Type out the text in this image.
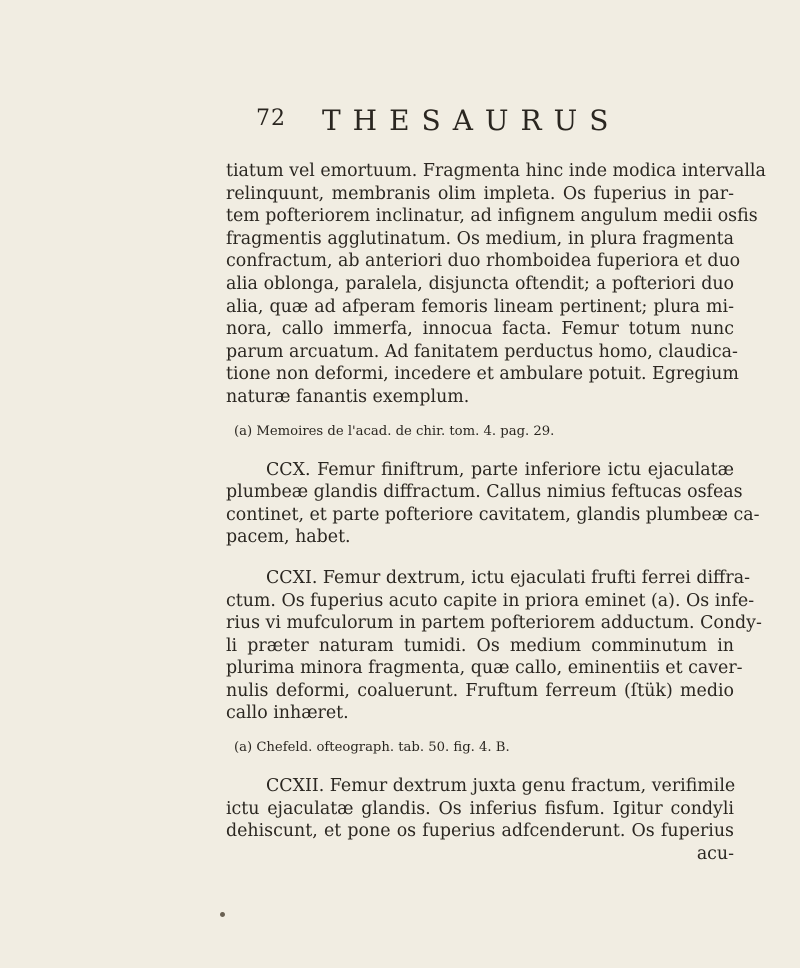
72 THESAURUS

tiatum vel emortuum. Fragmenta hinc inde modica intervalla
relinquunt, membranis olim impleta. Os fuperius in par-
tem pofteriorem inclinatur, ad infignem angulum medii osfis
fragmentis agglutinatum. Os medium, in plura fragmenta
confractum, ab anteriori duo rhomboidea fuperiora et duo
alia oblonga, paralela, disjuncta oftendit; a pofteriori duo
alia, quæ ad afperam femoris lineam pertinent; plura mi-
nora, callo immerfa, innocua facta. Femur totum nunc
parum arcuatum. Ad fanitatem perductus homo, claudica-
tione non deformi, incedere et ambulare potuit. Egregium
naturæ fanantis exemplum.

(a) Memoires de l'acad. de chir. tom. 4. pag. 29.

CCX. Femur finiftrum, parte inferiore ictu ejaculatæ
plumbeæ glandis diffractum. Callus nimius feftucas osfeas
continet, et parte pofteriore cavitatem, glandis plumbeæ ca-
pacem, habet.

CCXI. Femur dextrum, ictu ejaculati frufti ferrei diffra-
ctum. Os fuperius acuto capite in priora eminet (a). Os infe-
rius vi mufculorum in partem pofteriorem adductum. Condy-
li præter naturam tumidi. Os medium comminutum in
plurima minora fragmenta, quæ callo, eminentiis et caver-
nulis deformi, coaluerunt. Fruftum ferreum (ſtük) medio
callo inhæret.

(a) Chefeld. ofteograph. tab. 50. fig. 4. B.

CCXII. Femur dextrum juxta genu fractum, verifimile
ictu ejaculatæ glandis. Os inferius fisfum. Igitur condyli
dehiscunt, et pone os fuperius adfcenderunt. Os fuperius
acu-
